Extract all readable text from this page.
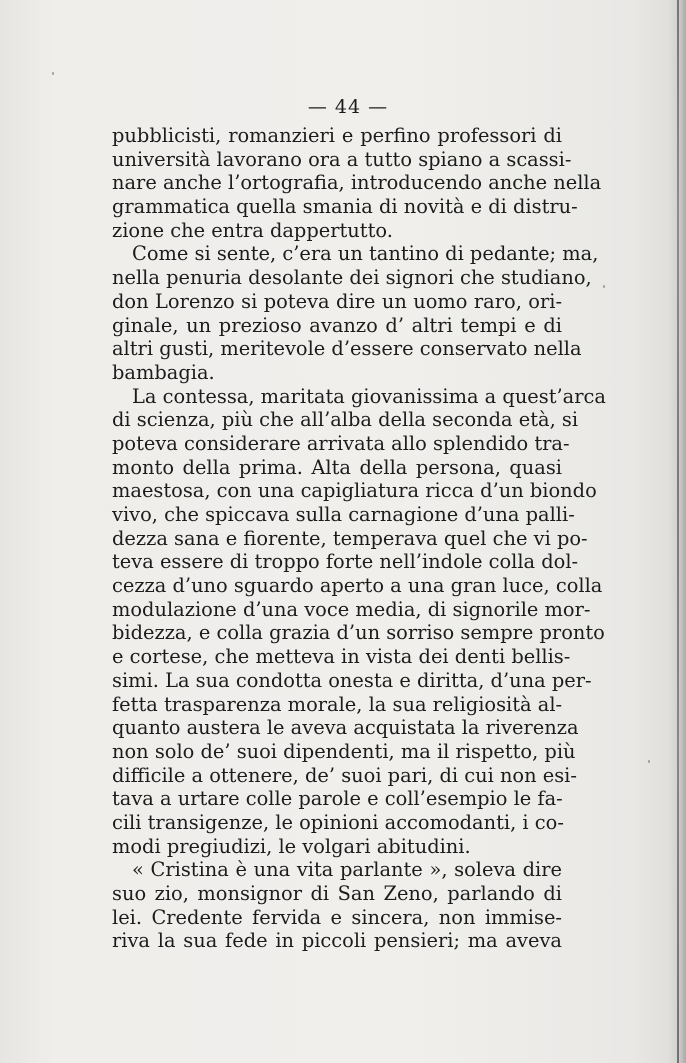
— 44 —
pubblicisti, romanzieri e perfino professori di
università lavorano ora a tutto spiano a scassi-
nare anche l’ortografia, introducendo anche nella
grammatica quella smania di novità e di distru-
zione che entra dappertutto.
Come si sente, c’era un tantino di pedante; ma,
nella penuria desolante dei signori che studiano,
don Lorenzo si poteva dire un uomo raro, ori-
ginale, un prezioso avanzo d’ altri tempi e di
altri gusti, meritevole d’essere conservato nella
bambagia.
La contessa, maritata giovanissima a quest’arca
di scienza, più che all’alba della seconda età, si
poteva considerare arrivata allo splendido tra-
monto della prima. Alta della persona, quasi
maestosa, con una capigliatura ricca d’un biondo
vivo, che spiccava sulla carnagione d’una palli-
dezza sana e fiorente, temperava quel che vi po-
teva essere di troppo forte nell’indole colla dol-
cezza d’uno sguardo aperto a una gran luce, colla
modulazione d’una voce media, di signorile mor-
bidezza, e colla grazia d’un sorriso sempre pronto
e cortese, che metteva in vista dei denti bellis-
simi. La sua condotta onesta e diritta, d’una per-
fetta trasparenza morale, la sua religiosità al-
quanto austera le aveva acquistata la riverenza
non solo de’ suoi dipendenti, ma il rispetto, più
difficile a ottenere, de’ suoi pari, di cui non esi-
tava a urtare colle parole e coll’esempio le fa-
cili transigenze, le opinioni accomodanti, i co-
modi pregiudizi, le volgari abitudini.
« Cristina è una vita parlante », soleva dire
suo zio, monsignor di San Zeno, parlando di
lei. Credente fervida e sincera, non immise-
riva la sua fede in piccoli pensieri; ma aveva
